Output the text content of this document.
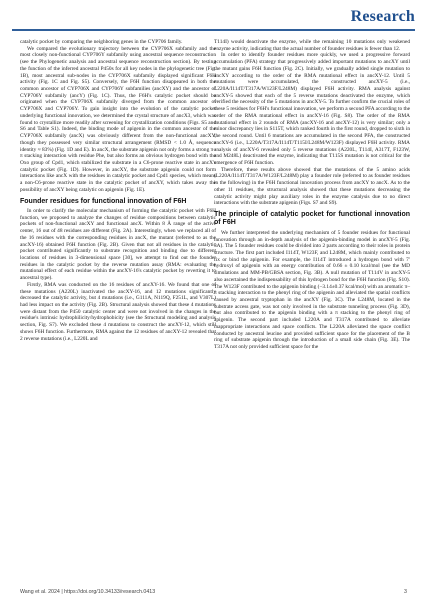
Research

catalytic pocket by comparing the neighboring genes in the CYP706 family.

We compared the evolutionary trajectory between the CYP706X subfamily and the most closely non-functional CYP706Y subfamily using ancestral sequence reconstruction (see the Phylogenetic analysis and ancestral sequence reconstruction section). By testing the function of the inferred ancestral P450s for all key nodes in the phylogenetic tree (Fig. 1B), most ancestral sub-nodes in the CYP706X subfamily displayed significant F6H activity (Fig. 1C and Fig. S5). Conversely, the F6H function disappeared in both the common ancestor of CYP706X and CYP706Y subfamilies (ancXY) and the ancestor of CYP706Y subfamily (ancY) (Fig. 1C). Thus, the F6H's catalytic pocket should be originated when the CYP706X subfamily diverged from the common ancestor of CYP706X and CYP706Y. To gain insight into the evolution of the catalytic pocket underlying functional innovation, we determined the crystal structure of ancX3, which was found to crystallize more readily after screening for crystallization conditions (Figs. S5 and S6 and Table S1). Indeed, the binding mode of apigenin in the common ancestor of the CYP706X subfamily (ancX) was obviously different from the non-functional ancXY, though they possessed very similar structural arrangement (RMSD < 1.0 Å, sequence identity ≈ 83%) (Fig. 1D and E). In ancX, the substrate apigenin not only forms a strong π–π stacking interaction with residue Phe, but also forms an obvious hydrogen bond with the Oxo group of Cpd1, which stabilized the substrate in a C6-prone reactive state in ancX's catalytic pocket (Fig. 1D). However, in ancXY, the substrate apigenin could not form interactions like ancX with the residues in catalytic pocket and Cpd1 species, which means a non-C6-prone reactive state in the catalytic pocket of ancXY, which takes away the possibility of ancXY being catalytic on apigenin (Fig. 1E).

Founder residues for functional innovation of F6H

In order to clarify the molecular mechanism of forming the catalytic pocket with F6H function, we proposed to analyze the changes of residue compositions between catalytic pockets of non-functional ancXY and functional ancX. Within 8 Å range of the active center, 16 out of 48 residues are different (Fig. 2A). Interestingly, when we replaced all of the 16 residues with the corresponding residues in ancX, the mutant (referred to as the ancXY-16) obtained F6H function (Fig. 2B). Given that not all residues in the catalytic pocket contributed significantly to substrate recognition and binding due to different locations of residues in 3-dimensional space [30], we attempt to find out the founder residues in the catalytic pocket by the reverse mutation assay (RMA: evaluating the mutational effect of each residue within the ancXY-16's catalytic pocket by reverting it to ancestral type).

Firstly, RMA was conducted on the 16 residues of ancXY-16. We found that one of these mutations (A220L) inactivated the ancXY-16, and 12 mutations significantly decreased the catalytic activity, but 4 mutations (i.e., G111A, N119Q, F251L, and V307L) had less impact on the activity (Fig. 2B). Structural analysis showed that these 4 mutations were distant from the P450 catalytic center and were not involved in the changes in the residue's intrinsic hydrophilicity/hydrophobicity (see the Structural modeling and analysis section, Fig. S7). We excluded these 4 mutations to construct the ancXY-12, which still shows F6H function. Furthermore, RMA against the 12 residues of ancXY-12 revealed that 2 reverse mutations (i.e., L220L and

T114I) would deactivate the enzyme, while the remaining 10 mutations only weakened enzyme activity, indicating that the actual number of founder residues is fewer than 12.

In order to identify founder residues more quickly, we used a progressive forward accumulation (PFA) strategy that progressively added important mutations to ancXY until the mutant gains F6H function (Fig. 2C). Initially, we gradually added single mutation to ancXY according to the order of the RMA mutational effect in ancXY-12. Until 5 mutations were accumulated, the constructed ancXY-5 (i.e., L220A/I114T/T317A/W123F/L248M) displayed F6H activity. RMA analysis against ancXY-5 showed that each of the 5 reverse mutations deactivated the enzyme, which verified the necessity of the 5 mutations in ancXY-5. To further confirm the crucial roles of these 5 residues for F6H's functional innovation, we perform a second PFA according to the order of the RMA mutational effect in ancXY-16 (Fig. S8). The order of the RMA mutational effect in 2 rounds of RMA (ancXY-16 and ancXY-12) is very similar; only a minor discrepancy lies in S115T, which ranked fourth in the first round, dropped to sixth in the second round. Until 6 mutations are accumulated in the second PFA, the constructed ancXY-6 (i.e., L220A/T317A/I114T/T115I/L248M/W123F) displayed F6H activity. RMA analysis of ancXY-6 revealed only 5 reverse mutations (A220L, T114I, A317T, F123W, and M248L) deactivated the enzyme, indicating that T115S mutation is not critical for the emergence of F6H function.

Therefore, these results above showed that the mutations of the 5 amino acids (L220A/I114T/T317A/W123F/L248M) play a founder role (referred to as founder residues in the following) in the F6H functional innovation process from ancXY to ancX. As to the other 11 residues, the structural analysis showed that these mutations decreasing the catalytic activity might play auxiliary roles in the enzyme catalysis due to no direct interactions with the substrate apigenin (Figs. S7 and S9).

The principle of catalytic pocket for functional innovation of F6H

We further interpreted the underlying mechanism of 5 founder residues for functional innovation through an in-depth analysis of the apigenin-binding model in ancXY-5 (Fig. 3A). The 5 founder residues could be divided into 2 parts according to their roles in protein structure. The first part included I114T, W123F, and L248M, which mainly contributed to fix or bind the apigenin. For example, the I114T introduced a hydrogen bond with 7′ hydroxyl of apigenin with an energy contribution of 0.66 ± 0.10 kcal/mol (see the MD simulations and MM-PB/GBSA section, Fig. 3B). A null mutation of T114V in ancXY-5 also ascertained the indispensability of this hydrogen bond for the F6H function (Fig. S10). The W123F contributed to the apigenin binding (−3.14±0.37 kcal/mol) with an aromatic π–π stacking interaction to the phenyl ring of the apigenin and alleviated the spatial conflicts caused by ancestral tryptophan in the ancXY (Fig. 3C). The L248M, located in the substrate access gate, was not only involved in the substrate tunneling process (Fig. 3D), but also contributed to the apigenin binding with a π stacking to the phenyl ring of apigenin. The second part included L220A and T317A contributed to alleviate inappropriate interactions and space conflicts. The L220A alleviated the space conflict conducted by ancestral leucine and provided sufficient space for the placement of the B ring of substrate apigenin through the introduction of a small side chain (Fig. 3E). The T317A not only provided sufficient space for the

Wang et al. 2024 | https://doi.org/10.34133/research.0413	3
